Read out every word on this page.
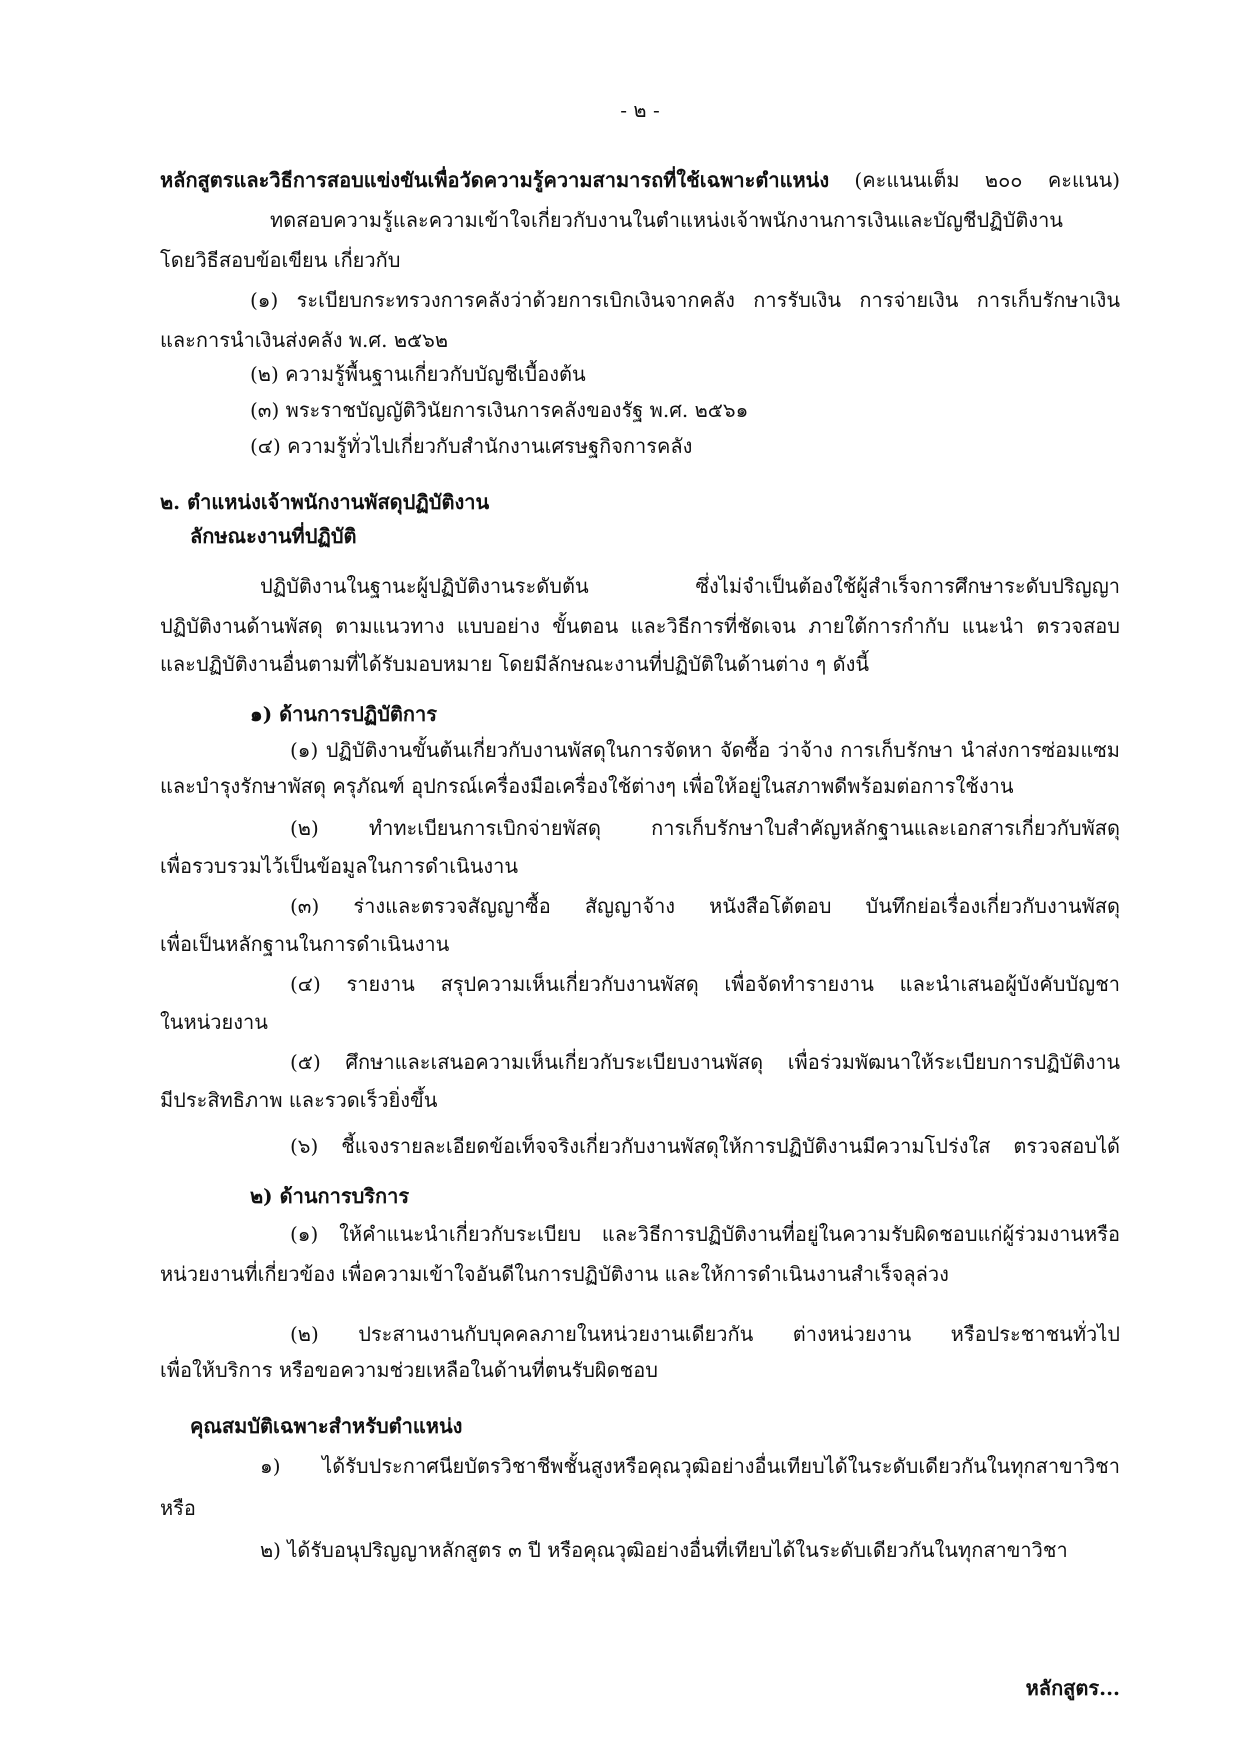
- ๒ -
หลักสูตรและวิธีการสอบแข่งขันเพื่อวัดความรู้ความสามารถที่ใช้เฉพาะตำแหน่ง (คะแนนเต็ม ๒๐๐ คะแนน)
ทดสอบความรู้และความเข้าใจเกี่ยวกับงานในตำแหน่งเจ้าพนักงานการเงินและบัญชีปฏิบัติงาน
โดยวิธีสอบข้อเขียน เกี่ยวกับ
(๑) ระเบียบกระทรวงการคลังว่าด้วยการเบิกเงินจากคลัง การรับเงิน การจ่ายเงิน การเก็บรักษาเงิน
และการนำเงินส่งคลัง พ.ศ. ๒๕๖๒
(๒) ความรู้พื้นฐานเกี่ยวกับบัญชีเบื้องต้น
(๓) พระราชบัญญัติวินัยการเงินการคลังของรัฐ พ.ศ. ๒๕๖๑
(๔) ความรู้ทั่วไปเกี่ยวกับสำนักงานเศรษฐกิจการคลัง
๒. ตำแหน่งเจ้าพนักงานพัสดุปฏิบัติงาน
ลักษณะงานที่ปฏิบัติ
ปฏิบัติงานในฐานะผู้ปฏิบัติงานระดับต้น ซึ่งไม่จำเป็นต้องใช้ผู้สำเร็จการศึกษาระดับปริญญา
ปฏิบัติงานด้านพัสดุ ตามแนวทาง แบบอย่าง ขั้นตอน และวิธีการที่ชัดเจน ภายใต้การกำกับ แนะนำ ตรวจสอบ
และปฏิบัติงานอื่นตามที่ได้รับมอบหมาย โดยมีลักษณะงานที่ปฏิบัติในด้านต่าง ๆ ดังนี้
๑) ด้านการปฏิบัติการ
(๑) ปฏิบัติงานขั้นต้นเกี่ยวกับงานพัสดุในการจัดหา จัดซื้อ ว่าจ้าง การเก็บรักษา นำส่งการซ่อมแซม
และบำรุงรักษาพัสดุ ครุภัณฑ์ อุปกรณ์เครื่องมือเครื่องใช้ต่างๆ เพื่อให้อยู่ในสภาพดีพร้อมต่อการใช้งาน
(๒) ทำทะเบียนการเบิกจ่ายพัสดุ การเก็บรักษาใบสำคัญหลักฐานและเอกสารเกี่ยวกับพัสดุ
เพื่อรวบรวมไว้เป็นข้อมูลในการดำเนินงาน
(๓) ร่างและตรวจสัญญาซื้อ สัญญาจ้าง หนังสือโต้ตอบ บันทึกย่อเรื่องเกี่ยวกับงานพัสดุ
เพื่อเป็นหลักฐานในการดำเนินงาน
(๔) รายงาน สรุปความเห็นเกี่ยวกับงานพัสดุ เพื่อจัดทำรายงาน และนำเสนอผู้บังคับบัญชา
ในหน่วยงาน
(๕) ศึกษาและเสนอความเห็นเกี่ยวกับระเบียบงานพัสดุ เพื่อร่วมพัฒนาให้ระเบียบการปฏิบัติงาน
มีประสิทธิภาพ และรวดเร็วยิ่งขึ้น
(๖) ชี้แจงรายละเอียดข้อเท็จจริงเกี่ยวกับงานพัสดุให้การปฏิบัติงานมีความโปร่งใส ตรวจสอบได้
๒) ด้านการบริการ
(๑) ให้คำแนะนำเกี่ยวกับระเบียบ และวิธีการปฏิบัติงานที่อยู่ในความรับผิดชอบแก่ผู้ร่วมงานหรือ
หน่วยงานที่เกี่ยวข้อง เพื่อความเข้าใจอันดีในการปฏิบัติงาน และให้การดำเนินงานสำเร็จลุล่วง
(๒) ประสานงานกับบุคคลภายในหน่วยงานเดียวกัน ต่างหน่วยงาน หรือประชาชนทั่วไป
เพื่อให้บริการ หรือขอความช่วยเหลือในด้านที่ตนรับผิดชอบ
คุณสมบัติเฉพาะสำหรับตำแหน่ง
๑) ได้รับประกาศนียบัตรวิชาชีพชั้นสูงหรือคุณวุฒิอย่างอื่นเทียบได้ในระดับเดียวกันในทุกสาขาวิชา
หรือ
๒) ได้รับอนุปริญญาหลักสูตร ๓ ปี หรือคุณวุฒิอย่างอื่นที่เทียบได้ในระดับเดียวกันในทุกสาขาวิชา
หลักสูตร...
